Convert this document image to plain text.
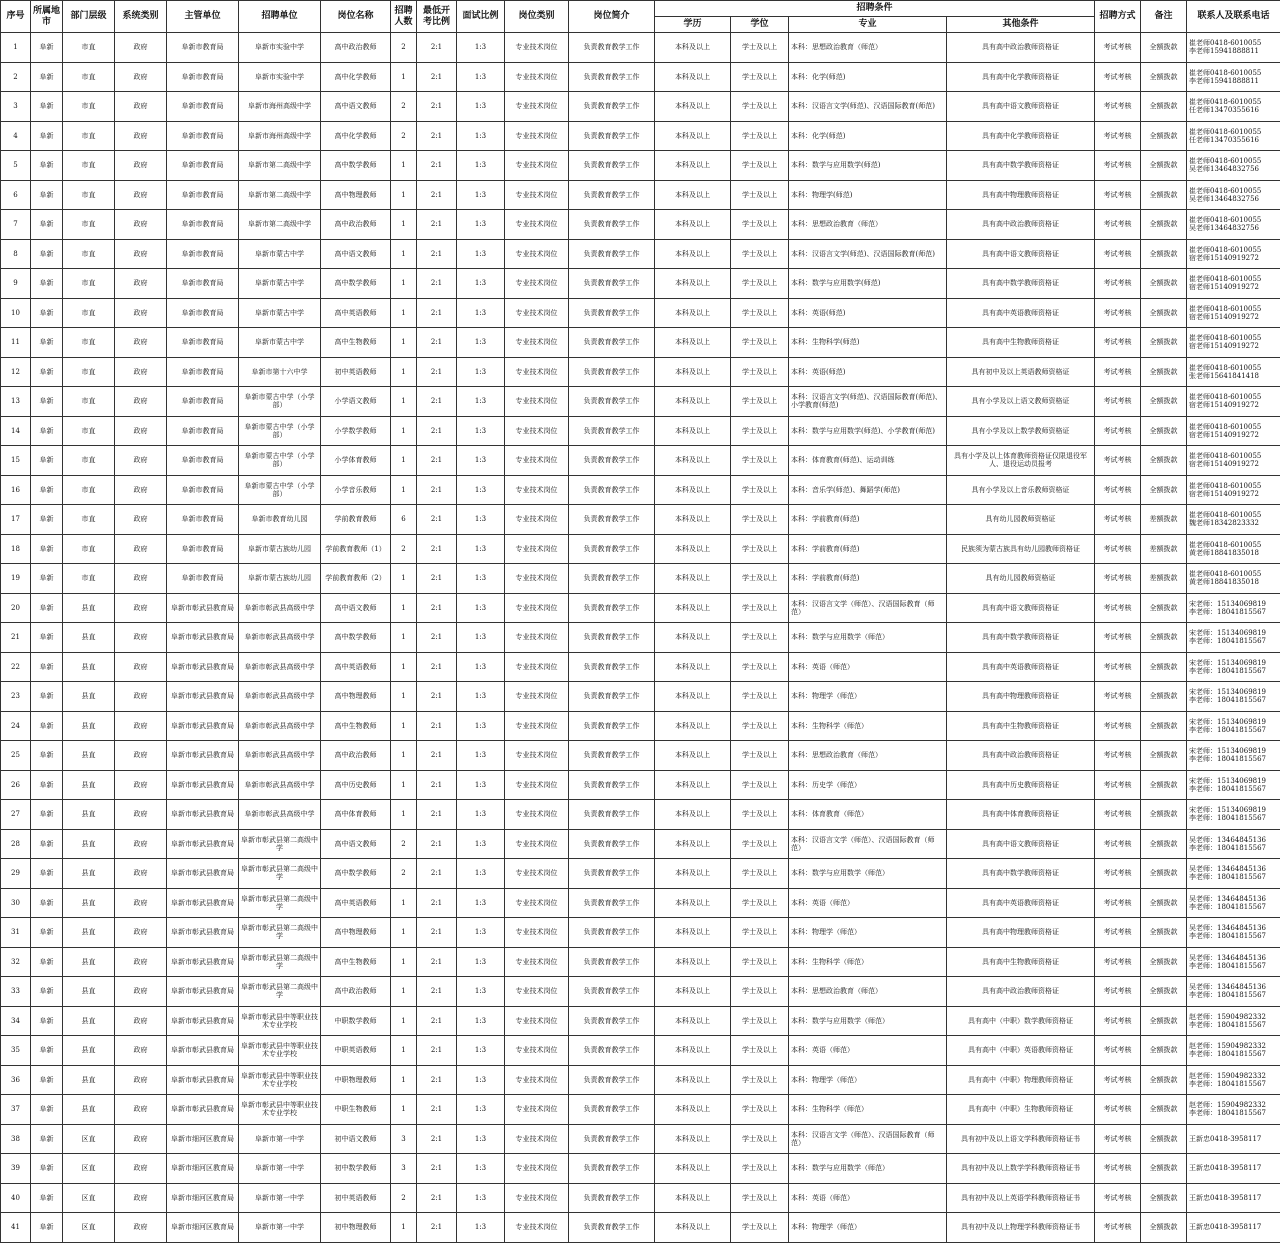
序号	所属地市	部门层级	系统类别	主管单位	招聘单位	岗位名称	招聘人数	最低开考比例	面试比例	岗位类别	岗位简介	招聘条件				招聘方式	备注	联系人及联系电话
												学历	学位	专业	其他条件			
1	阜新	市直	政府	阜新市教育局	阜新市实验中学	高中政治教师	2	2:1	1:3	专业技术岗位	负责教育教学工作	本科及以上	学士及以上	本科：思想政治教育（师范）	具有高中政治教师资格证	考试考核	全额拨款	崔老师0418-6010055
李老师15941888811
2	阜新	市直	政府	阜新市教育局	阜新市实验中学	高中化学教师	1	2:1	1:3	专业技术岗位	负责教育教学工作	本科及以上	学士及以上	本科：化学(师范)	具有高中化学教师资格证	考试考核	全额拨款	崔老师0418-6010055
李老师15941888811
3	阜新	市直	政府	阜新市教育局	阜新市海州高级中学	高中语文教师	2	2:1	1:3	专业技术岗位	负责教育教学工作	本科及以上	学士及以上	本科：汉语言文学(师范)、汉语国际教育(师范)	具有高中语文教师资格证	考试考核	全额拨款	崔老师0418-6010055
任老师13470355616
4	阜新	市直	政府	阜新市教育局	阜新市海州高级中学	高中化学教师	2	2:1	1:3	专业技术岗位	负责教育教学工作	本科及以上	学士及以上	本科：化学(师范)	具有高中化学教师资格证	考试考核	全额拨款	崔老师0418-6010055
任老师13470355616
5	阜新	市直	政府	阜新市教育局	阜新市第二高级中学	高中数学教师	1	2:1	1:3	专业技术岗位	负责教育教学工作	本科及以上	学士及以上	本科：数学与应用数学(师范)	具有高中数学教师资格证	考试考核	全额拨款	崔老师0418-6010055
吴老师13464832756
6	阜新	市直	政府	阜新市教育局	阜新市第二高级中学	高中物理教师	1	2:1	1:3	专业技术岗位	负责教育教学工作	本科及以上	学士及以上	本科：物理学(师范)	具有高中物理教师资格证	考试考核	全额拨款	崔老师0418-6010055
吴老师13464832756
7	阜新	市直	政府	阜新市教育局	阜新市第二高级中学	高中政治教师	1	2:1	1:3	专业技术岗位	负责教育教学工作	本科及以上	学士及以上	本科：思想政治教育（师范）	具有高中政治教师资格证	考试考核	全额拨款	崔老师0418-6010055
吴老师13464832756
8	阜新	市直	政府	阜新市教育局	阜新市蒙古中学	高中语文教师	1	2:1	1:3	专业技术岗位	负责教育教学工作	本科及以上	学士及以上	本科：汉语言文学(师范)、汉语国际教育(师范)	具有高中语文教师资格证	考试考核	全额拨款	崔老师0418-6010055
宿老师15140919272
9	阜新	市直	政府	阜新市教育局	阜新市蒙古中学	高中数学教师	1	2:1	1:3	专业技术岗位	负责教育教学工作	本科及以上	学士及以上	本科：数学与应用数学(师范)	具有高中数学教师资格证	考试考核	全额拨款	崔老师0418-6010055
宿老师15140919272
10	阜新	市直	政府	阜新市教育局	阜新市蒙古中学	高中英语教师	1	2:1	1:3	专业技术岗位	负责教育教学工作	本科及以上	学士及以上	本科：英语(师范)	具有高中英语教师资格证	考试考核	全额拨款	崔老师0418-6010055
宿老师15140919272
11	阜新	市直	政府	阜新市教育局	阜新市蒙古中学	高中生物教师	1	2:1	1:3	专业技术岗位	负责教育教学工作	本科及以上	学士及以上	本科：生物科学(师范)	具有高中生物教师资格证	考试考核	全额拨款	崔老师0418-6010055
宿老师15140919272
12	阜新	市直	政府	阜新市教育局	阜新市第十六中学	初中英语教师	1	2:1	1:3	专业技术岗位	负责教育教学工作	本科及以上	学士及以上	本科：英语(师范)	具有初中及以上英语教师资格证	考试考核	全额拨款	崔老师0418-6010055
张老师15641841418
13	阜新	市直	政府	阜新市教育局	阜新市蒙古中学（小学部）	小学语文教师	1	2:1	1:3	专业技术岗位	负责教育教学工作	本科及以上	学士及以上	本科：汉语言文学(师范)、汉语国际教育(师范)、小学教育(师范)	具有小学及以上语文教师资格证	考试考核	全额拨款	崔老师0418-6010055
宿老师15140919272
14	阜新	市直	政府	阜新市教育局	阜新市蒙古中学（小学部）	小学数学教师	1	2:1	1:3	专业技术岗位	负责教育教学工作	本科及以上	学士及以上	本科：数学与应用数学(师范)、小学教育(师范)	具有小学及以上数学教师资格证	考试考核	全额拨款	崔老师0418-6010055
宿老师15140919272
15	阜新	市直	政府	阜新市教育局	阜新市蒙古中学（小学部）	小学体育教师	1	2:1	1:3	专业技术岗位	负责教育教学工作	本科及以上	学士及以上	本科：体育教育(师范)、运动训练	具有小学及以上体育教师资格证仅限退役军人、退役运动员报考	考试考核	全额拨款	崔老师0418-6010055
宿老师15140919272
16	阜新	市直	政府	阜新市教育局	阜新市蒙古中学（小学部）	小学音乐教师	1	2:1	1:3	专业技术岗位	负责教育教学工作	本科及以上	学士及以上	本科：音乐学(师范)、舞蹈学(师范)	具有小学及以上音乐教师资格证	考试考核	全额拨款	崔老师0418-6010055
宿老师15140919272
17	阜新	市直	政府	阜新市教育局	阜新市教育幼儿园	学前教育教师	6	2:1	1:3	专业技术岗位	负责教育教学工作	本科及以上	学士及以上	本科：学前教育(师范)	具有幼儿园教师资格证	考试考核	差额拨款	崔老师0418-6010055
魏老师18342823332
18	阜新	市直	政府	阜新市教育局	阜新市蒙古族幼儿园	学前教育教师（1）	2	2:1	1:3	专业技术岗位	负责教育教学工作	本科及以上	学士及以上	本科：学前教育(师范)	民族须为蒙古族具有幼儿园教师资格证	考试考核	差额拨款	崔老师0418-6010055
黄老师18841835018
19	阜新	市直	政府	阜新市教育局	阜新市蒙古族幼儿园	学前教育教师（2）	1	2:1	1:3	专业技术岗位	负责教育教学工作	本科及以上	学士及以上	本科：学前教育(师范)	具有幼儿园教师资格证	考试考核	差额拨款	崔老师0418-6010055
黄老师18841835018
20	阜新	县直	政府	阜新市彰武县教育局	阜新市彰武县高级中学	高中语文教师	1	2:1	1:3	专业技术岗位	负责教育教学工作	本科及以上	学士及以上	本科：汉语言文学（师范）、汉语国际教育（师范）	具有高中语文教师资格证	考试考核	全额拨款	宋老师：15134069819
李老师：18041815567
21	阜新	县直	政府	阜新市彰武县教育局	阜新市彰武县高级中学	高中数学教师	1	2:1	1:3	专业技术岗位	负责教育教学工作	本科及以上	学士及以上	本科：数学与应用数学（师范）	具有高中数学教师资格证	考试考核	全额拨款	宋老师：15134069819
李老师：18041815567
22	阜新	县直	政府	阜新市彰武县教育局	阜新市彰武县高级中学	高中英语教师	1	2:1	1:3	专业技术岗位	负责教育教学工作	本科及以上	学士及以上	本科：英语（师范）	具有高中英语教师资格证	考试考核	全额拨款	宋老师：15134069819
李老师：18041815567
23	阜新	县直	政府	阜新市彰武县教育局	阜新市彰武县高级中学	高中物理教师	1	2:1	1:3	专业技术岗位	负责教育教学工作	本科及以上	学士及以上	本科：物理学（师范）	具有高中物理教师资格证	考试考核	全额拨款	宋老师：15134069819
李老师：18041815567
24	阜新	县直	政府	阜新市彰武县教育局	阜新市彰武县高级中学	高中生物教师	1	2:1	1:3	专业技术岗位	负责教育教学工作	本科及以上	学士及以上	本科：生物科学（师范）	具有高中生物教师资格证	考试考核	全额拨款	宋老师：15134069819
李老师：18041815567
25	阜新	县直	政府	阜新市彰武县教育局	阜新市彰武县高级中学	高中政治教师	1	2:1	1:3	专业技术岗位	负责教育教学工作	本科及以上	学士及以上	本科：思想政治教育（师范）	具有高中政治教师资格证	考试考核	全额拨款	宋老师：15134069819
李老师：18041815567
26	阜新	县直	政府	阜新市彰武县教育局	阜新市彰武县高级中学	高中历史教师	1	2:1	1:3	专业技术岗位	负责教育教学工作	本科及以上	学士及以上	本科：历史学（师范）	具有高中历史教师资格证	考试考核	全额拨款	宋老师：15134069819
李老师：18041815567
27	阜新	县直	政府	阜新市彰武县教育局	阜新市彰武县高级中学	高中体育教师	1	2:1	1:3	专业技术岗位	负责教育教学工作	本科及以上	学士及以上	本科：体育教育（师范）	具有高中体育教师资格证	考试考核	全额拨款	宋老师：15134069819
李老师：18041815567
28	阜新	县直	政府	阜新市彰武县教育局	阜新市彰武县第二高级中学	高中语文教师	2	2:1	1:3	专业技术岗位	负责教育教学工作	本科及以上	学士及以上	本科：汉语言文学（师范）、汉语国际教育（师范）	具有高中语文教师资格证	考试考核	全额拨款	吴老师：13464845136
李老师：18041815567
29	阜新	县直	政府	阜新市彰武县教育局	阜新市彰武县第二高级中学	高中数学教师	2	2:1	1:3	专业技术岗位	负责教育教学工作	本科及以上	学士及以上	本科：数学与应用数学（师范）	具有高中数学教师资格证	考试考核	全额拨款	吴老师：13464845136
李老师：18041815567
30	阜新	县直	政府	阜新市彰武县教育局	阜新市彰武县第二高级中学	高中英语教师	1	2:1	1:3	专业技术岗位	负责教育教学工作	本科及以上	学士及以上	本科：英语（师范）	具有高中英语教师资格证	考试考核	全额拨款	吴老师：13464845136
李老师：18041815567
31	阜新	县直	政府	阜新市彰武县教育局	阜新市彰武县第二高级中学	高中物理教师	1	2:1	1:3	专业技术岗位	负责教育教学工作	本科及以上	学士及以上	本科：物理学（师范）	具有高中物理教师资格证	考试考核	全额拨款	吴老师：13464845136
李老师：18041815567
32	阜新	县直	政府	阜新市彰武县教育局	阜新市彰武县第二高级中学	高中生物教师	1	2:1	1:3	专业技术岗位	负责教育教学工作	本科及以上	学士及以上	本科：生物科学（师范）	具有高中生物教师资格证	考试考核	全额拨款	吴老师：13464845136
李老师：18041815567
33	阜新	县直	政府	阜新市彰武县教育局	阜新市彰武县第二高级中学	高中政治教师	1	2:1	1:3	专业技术岗位	负责教育教学工作	本科及以上	学士及以上	本科：思想政治教育（师范）	具有高中政治教师资格证	考试考核	全额拨款	吴老师：13464845136
李老师：18041815567
34	阜新	县直	政府	阜新市彰武县教育局	阜新市彰武县中等职业技术专业学校	中职数学教师	1	2:1	1:3	专业技术岗位	负责教育教学工作	本科及以上	学士及以上	本科：数学与应用数学（师范）	具有高中（中职）数学教师资格证	考试考核	全额拨款	赵老师：15904982332
李老师：18041815567
35	阜新	县直	政府	阜新市彰武县教育局	阜新市彰武县中等职业技术专业学校	中职英语教师	1	2:1	1:3	专业技术岗位	负责教育教学工作	本科及以上	学士及以上	本科：英语（师范）	具有高中（中职）英语教师资格证	考试考核	全额拨款	赵老师：15904982332
李老师：18041815567
36	阜新	县直	政府	阜新市彰武县教育局	阜新市彰武县中等职业技术专业学校	中职物理教师	1	2:1	1:3	专业技术岗位	负责教育教学工作	本科及以上	学士及以上	本科：物理学（师范）	具有高中（中职）物理教师资格证	考试考核	全额拨款	赵老师：15904982332
李老师：18041815567
37	阜新	县直	政府	阜新市彰武县教育局	阜新市彰武县中等职业技术专业学校	中职生物教师	1	2:1	1:3	专业技术岗位	负责教育教学工作	本科及以上	学士及以上	本科：生物科学（师范）	具有高中（中职）生物教师资格证	考试考核	全额拨款	赵老师：15904982332
李老师：18041815567
38	阜新	区直	政府	阜新市细河区教育局	阜新市第一中学	初中语文教师	3	2:1	1:3	专业技术岗位	负责教育教学工作	本科及以上	学士及以上	本科：汉语言文学（师范）、汉语国际教育（师范）	具有初中及以上语文学科教师资格证书	考试考核	全额拨款	王新忠0418-3958117
39	阜新	区直	政府	阜新市细河区教育局	阜新市第一中学	初中数学教师	3	2:1	1:3	专业技术岗位	负责教育教学工作	本科及以上	学士及以上	本科：数学与应用数学（师范）	具有初中及以上数学学科教师资格证书	考试考核	全额拨款	王新忠0418-3958117
40	阜新	区直	政府	阜新市细河区教育局	阜新市第一中学	初中英语教师	2	2:1	1:3	专业技术岗位	负责教育教学工作	本科及以上	学士及以上	本科：英语（师范）	具有初中及以上英语学科教师资格证书	考试考核	全额拨款	王新忠0418-3958117
41	阜新	区直	政府	阜新市细河区教育局	阜新市第一中学	初中物理教师	1	2:1	1:3	专业技术岗位	负责教育教学工作	本科及以上	学士及以上	本科：物理学（师范）	具有初中及以上物理学科教师资格证书	考试考核	全额拨款	王新忠0418-3958117
